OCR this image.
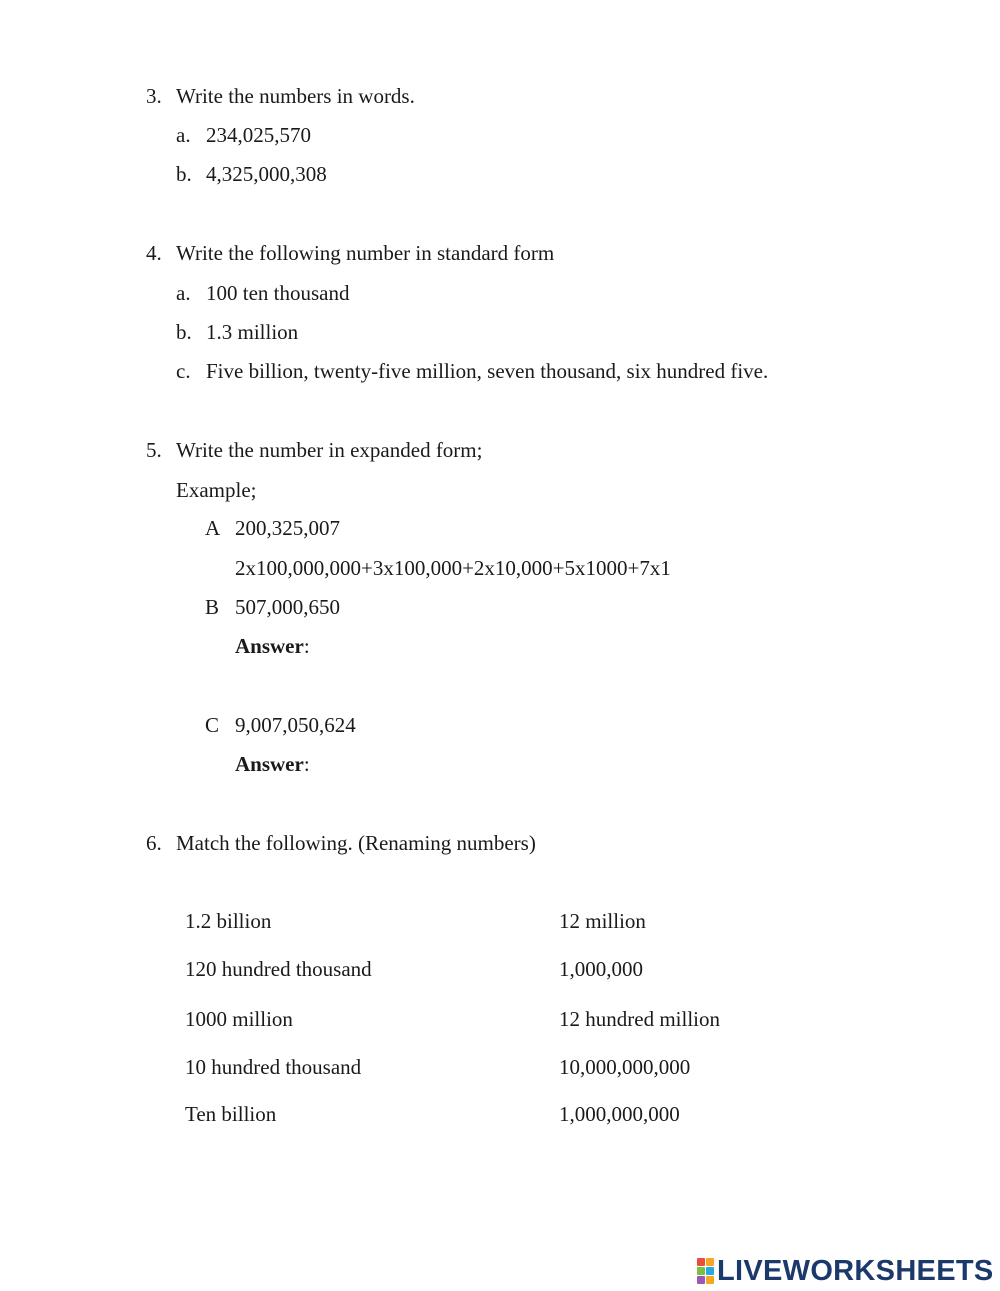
3. Write the numbers in words.
a. 234,025,570
b. 4,325,000,308
4. Write the following number in standard form
a. 100 ten thousand
b. 1.3 million
c. Five billion, twenty-five million, seven thousand, six hundred five.
5. Write the number in expanded form;
Example;
A 200,325,007
2x100,000,000+3x100,000+2x10,000+5x1000+7x1
B 507,000,650
Answer:
C 9,007,050,624
Answer:
6. Match the following. (Renaming numbers)
1.2 billion	12 million
120 hundred thousand	1,000,000
1000 million	12 hundred million
10 hundred thousand	10,000,000,000
Ten billion	1,000,000,000
LIVEWORKSHEETS
